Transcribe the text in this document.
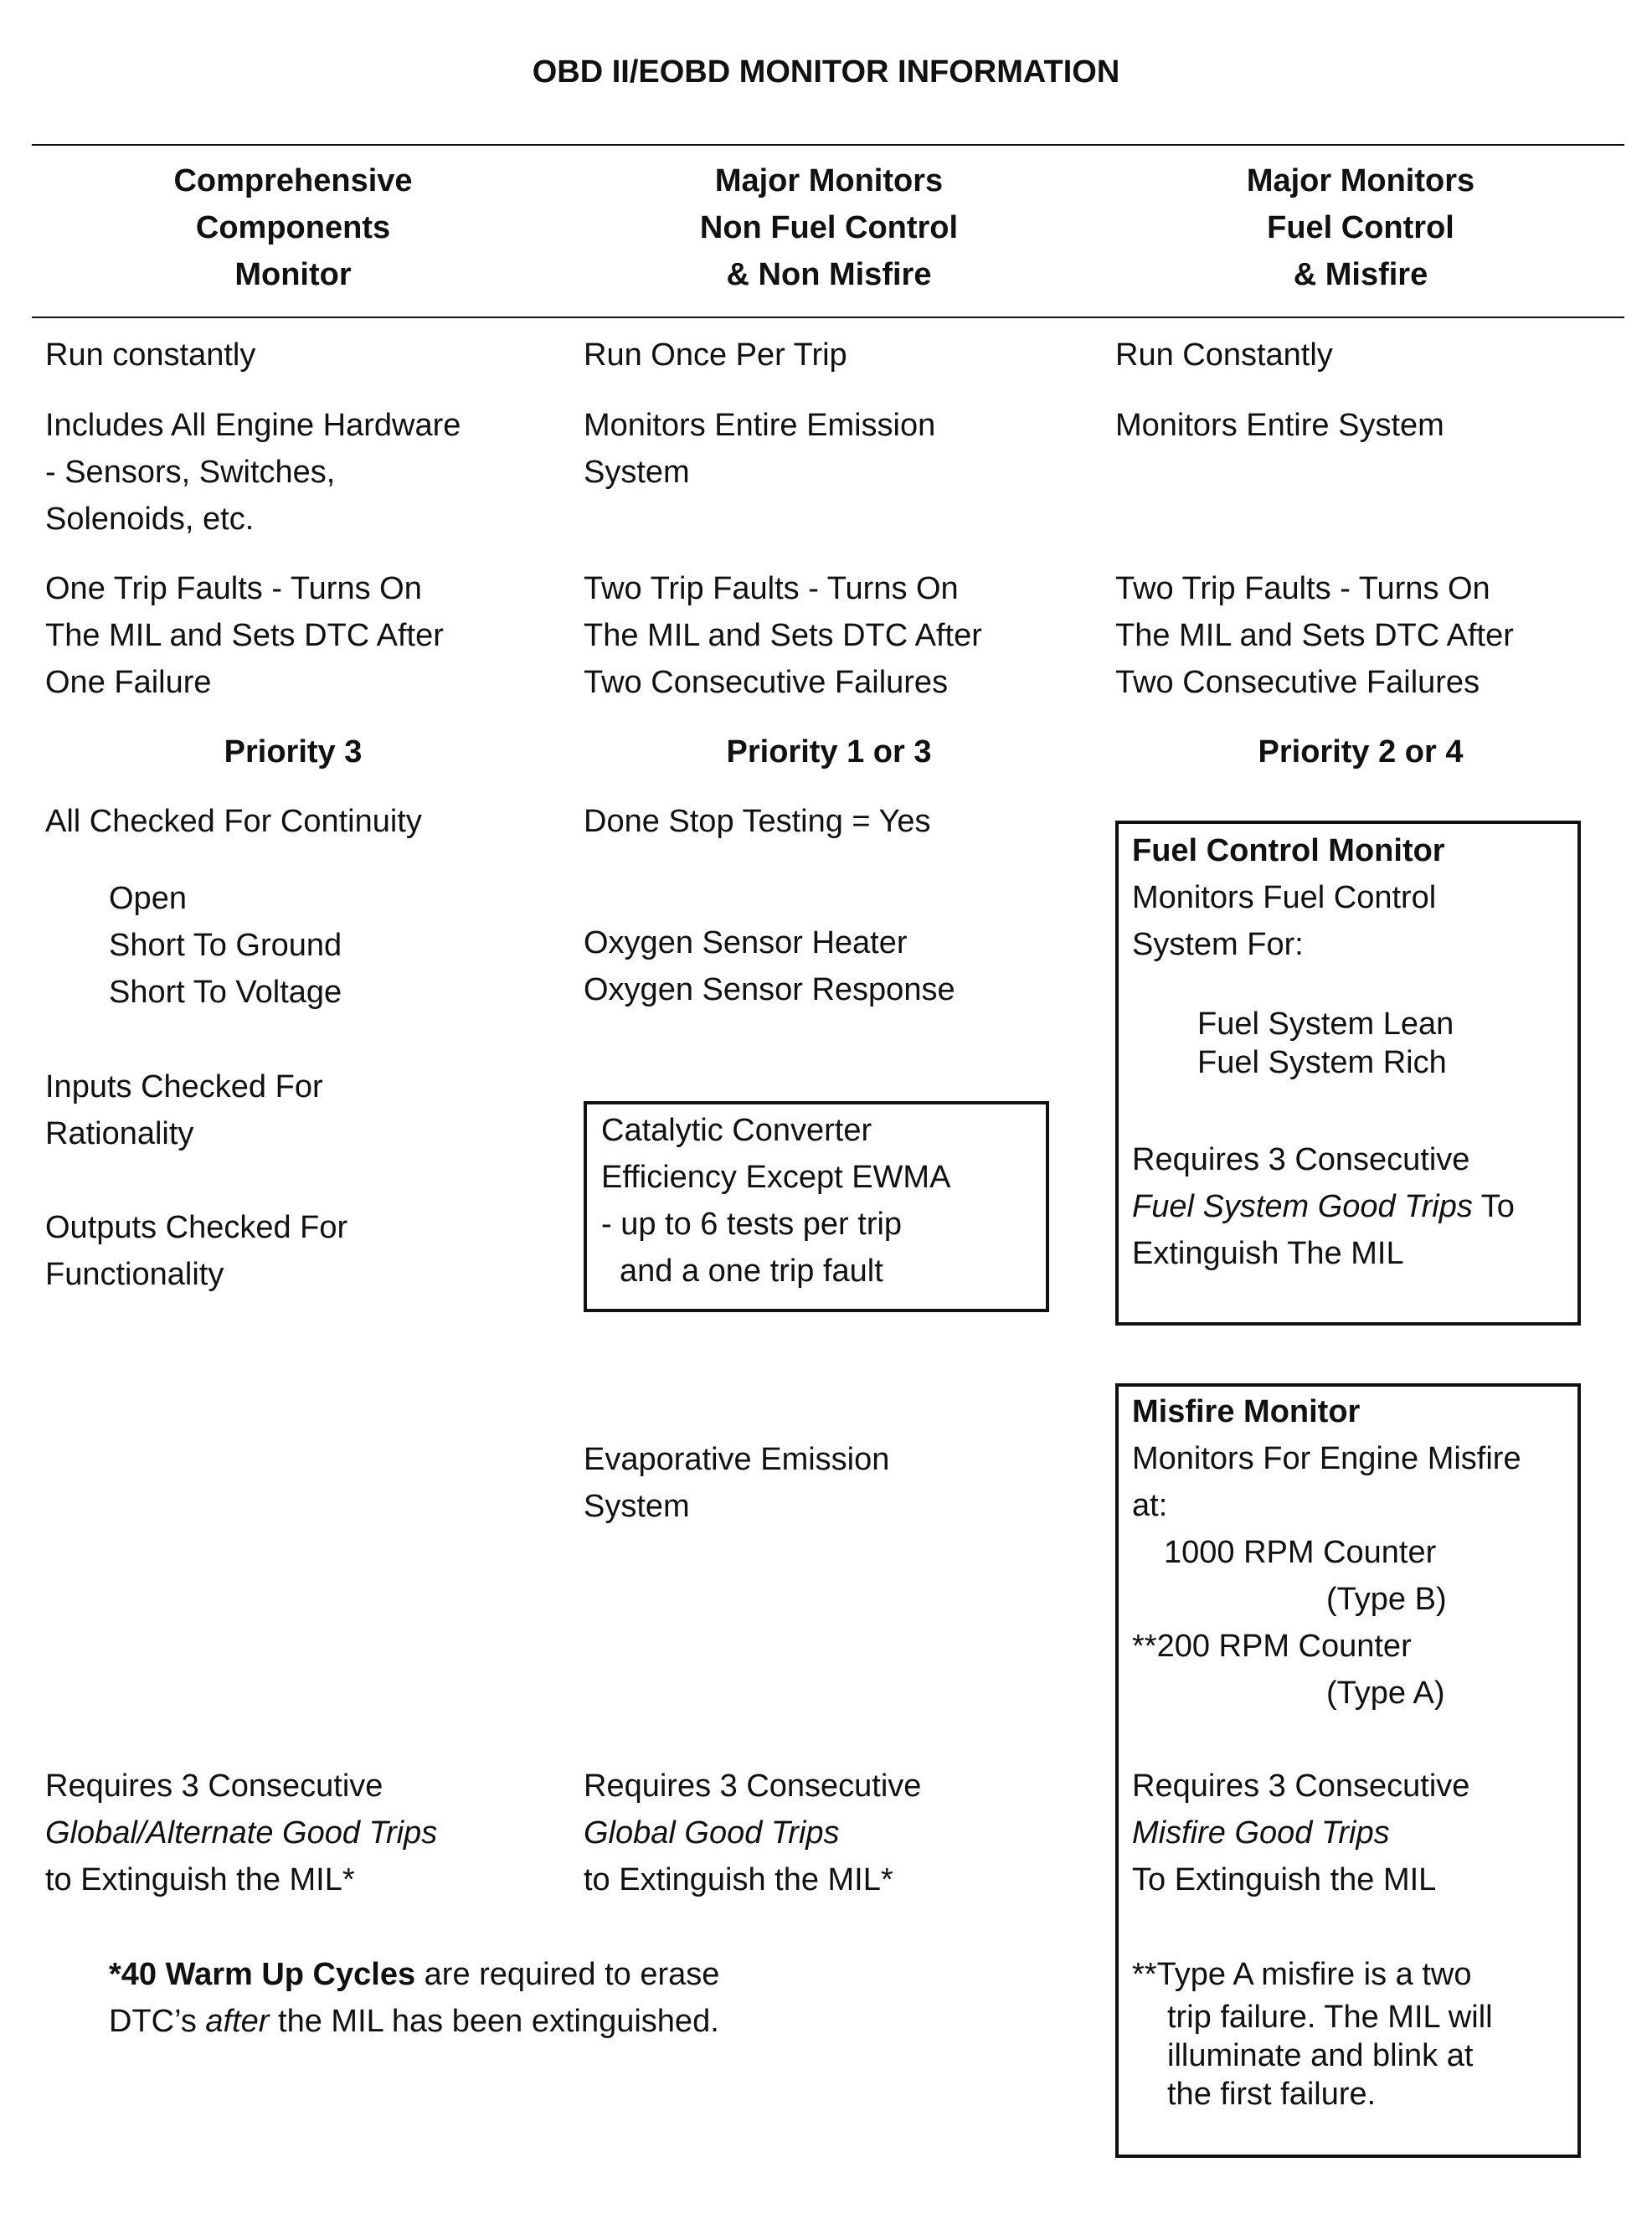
OBD II/EOBD MONITOR INFORMATION
Comprehensive
Components
Monitor
Major Monitors
Non Fuel Control
& Non Misfire
Major Monitors
Fuel Control
& Misfire
Run constantly
Includes All Engine Hardware
- Sensors, Switches,
Solenoids, etc.
One Trip Faults - Turns On
The MIL and Sets DTC After
One Failure
Priority 3
All Checked For Continuity
Open
Short To Ground
Short To Voltage
Inputs Checked For
Rationality
Outputs Checked For
Functionality
Requires 3 Consecutive
Global/Alternate Good Trips
to Extinguish the MIL*
*40 Warm Up Cycles are required to erase
DTC’s after the MIL has been extinguished.
Run Once Per Trip
Monitors Entire Emission
System
Two Trip Faults - Turns On
The MIL and Sets DTC After
Two Consecutive Failures
Priority 1 or 3
Done Stop Testing = Yes
Oxygen Sensor Heater
Oxygen Sensor Response
Catalytic Converter
Efficiency Except EWMA
- up to 6 tests per trip
and a one trip fault
Evaporative Emission
System
Requires 3 Consecutive
Global Good Trips
to Extinguish the MIL*
Run Constantly
Monitors Entire System
Two Trip Faults - Turns On
The MIL and Sets DTC After
Two Consecutive Failures
Priority 2 or 4
Fuel Control Monitor
Monitors Fuel Control
System For:
Fuel System Lean
Fuel System Rich
Requires 3 Consecutive
Fuel System Good Trips To
Extinguish The MIL
Misfire Monitor
Monitors For Engine Misfire
at:
1000 RPM Counter
(Type B)
**200 RPM Counter
(Type A)
Requires 3 Consecutive
Misfire Good Trips
To Extinguish the MIL
**Type A misfire is a two
trip failure. The MIL will
illuminate and blink at
the first failure.
